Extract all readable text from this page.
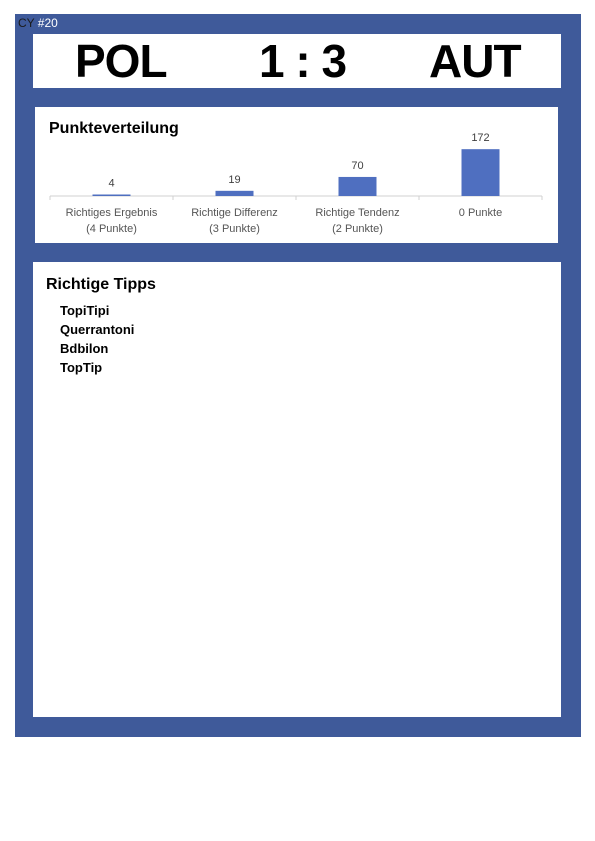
CY #20
POL 1 : 3 AUT
Punkteverteilung
4
Richtiges Ergebnis
(4 Punkte)
19
Richtige Differenz
(3 Punkte)
70
Richtige Tendenz
(2 Punkte)
172
0 Punkte
Richtige Tipps
TopiTipi
Querrantoni
Bdbilon
TopTip
